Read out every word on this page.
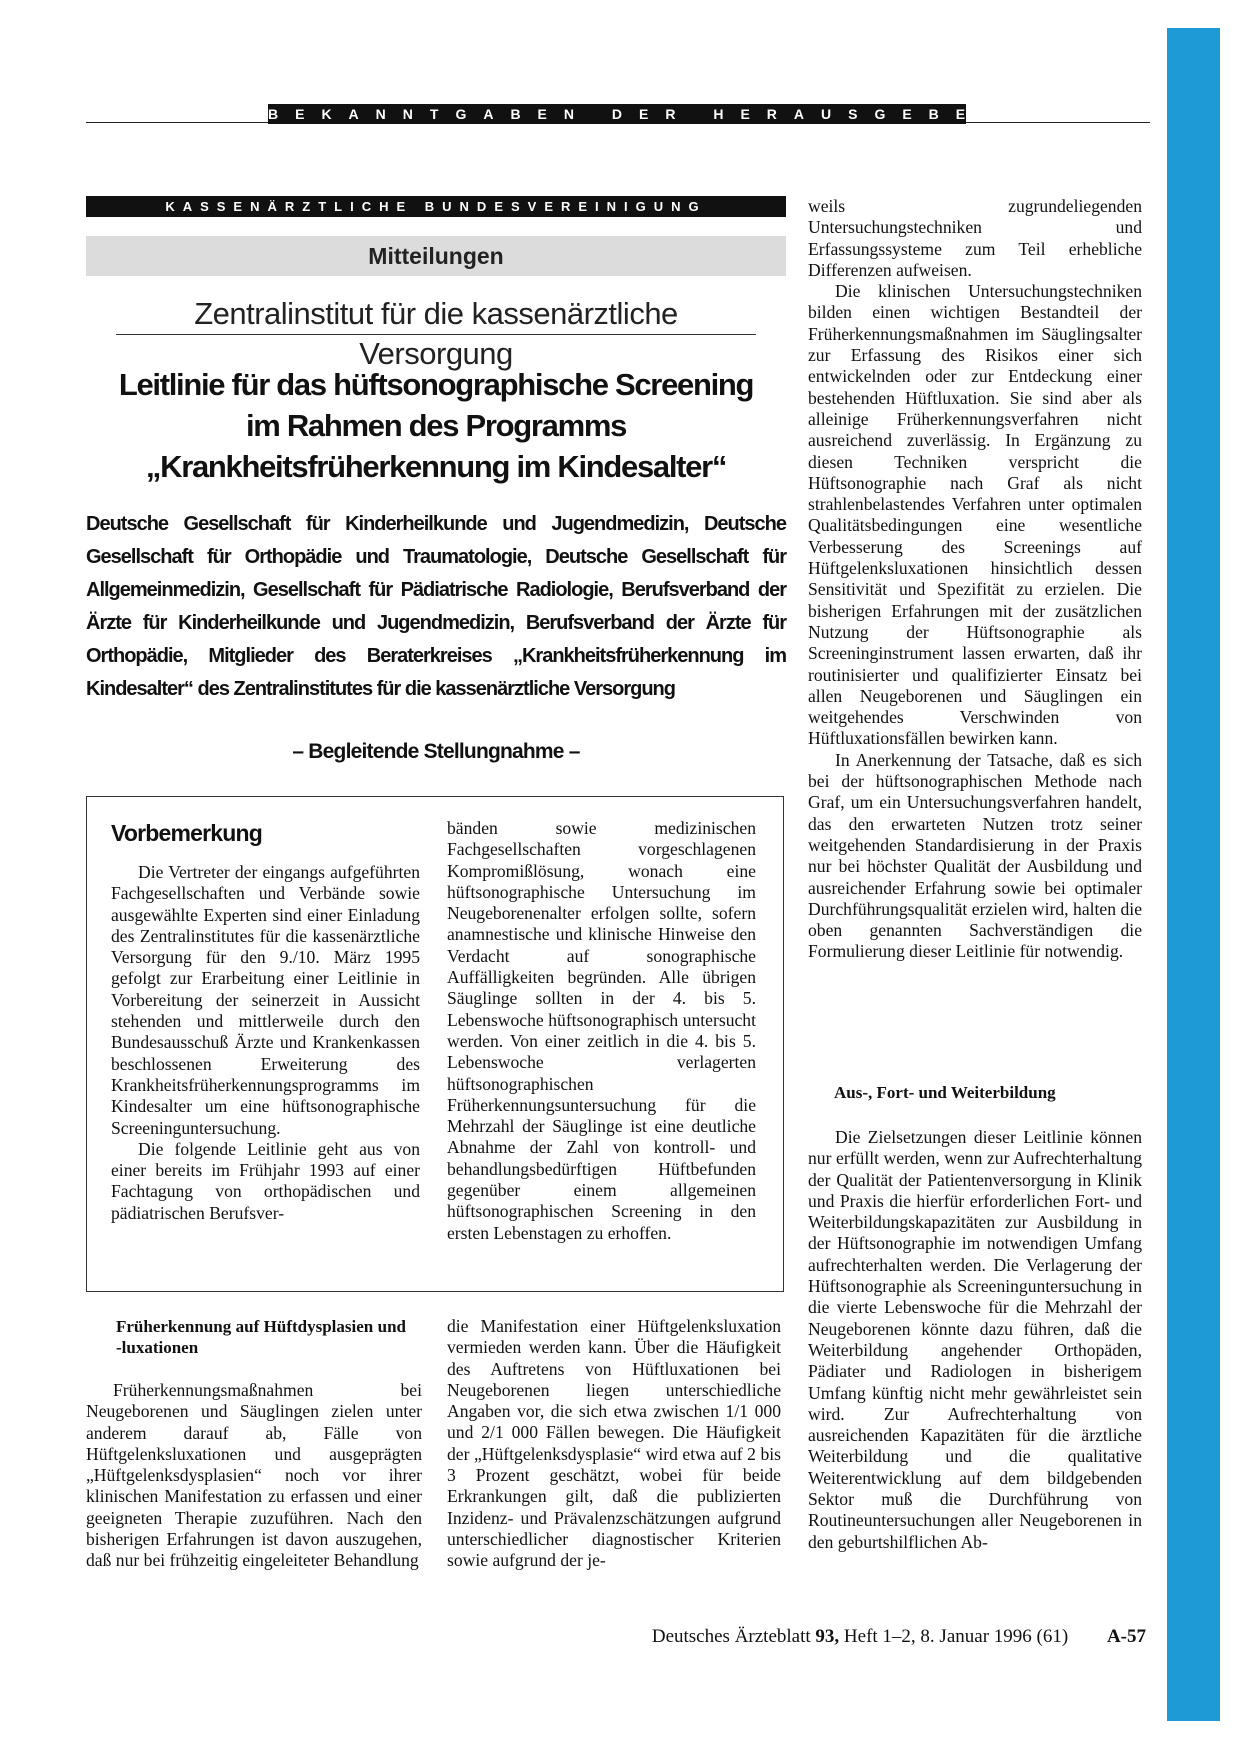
BEKANNTGABEN DER HERAUSGEBER
KASSENÄRZTLICHE BUNDESVEREINIGUNG
Mitteilungen
Zentralinstitut für die kassenärztliche Versorgung
Leitlinie für das hüftsonographische Screening
im Rahmen des Programms
„Krankheitsfrüherkennung im Kindesalter“
Deutsche Gesellschaft für Kinderheilkunde und Jugendmedizin, Deutsche Gesellschaft für Orthopädie und Traumatologie, Deutsche Gesellschaft für Allgemeinmedizin, Gesellschaft für Pädiatrische Radiologie, Berufsverband der Ärzte für Kinderheilkunde und Jugendmedizin, Berufsverband der Ärzte für Orthopädie, Mitglieder des Beraterkreises „Krankheitsfrüherkennung im Kindesalter“ des Zentralinstitutes für die kassenärztliche Versorgung
– Begleitende Stellungnahme –
Vorbemerkung

Die Vertreter der eingangs aufgeführten Fachgesellschaften und Verbände sowie ausgewählte Experten sind einer Einladung des Zentralinstitutes für die kassenärztliche Versorgung für den 9./10. März 1995 gefolgt zur Erarbeitung einer Leitlinie in Vorbereitung der seinerzeit in Aussicht stehenden und mittlerweile durch den Bundesausschuß Ärzte und Krankenkassen beschlossenen Erweiterung des Krankheitsfrüherkennungsprogramms im Kindesalter um eine hüftsonographische Screeninguntersuchung.

Die folgende Leitlinie geht aus von einer bereits im Frühjahr 1993 auf einer Fachtagung von orthopädischen und pädiatrischen Berufsver-

bänden sowie medizinischen Fachgesellschaften vorgeschlagenen Kompromißlösung, wonach eine hüftsonographische Untersuchung im Neugeborenenalter erfolgen sollte, sofern anamnestische und klinische Hinweise den Verdacht auf sonographische Auffälligkeiten begründen. Alle übrigen Säuglinge sollten in der 4. bis 5. Lebenswoche hüftsonographisch untersucht werden. Von einer zeitlich in die 4. bis 5. Lebenswoche verlagerten hüftsonographischen Früherkennungsuntersuchung für die Mehrzahl der Säuglinge ist eine deutliche Abnahme der Zahl von kontroll- und behandlungsbedürftigen Hüftbefunden gegenüber einem allgemeinen hüftsonographischen Screening in den ersten Lebenstagen zu erhoffen.

Früherkennung auf Hüftdysplasien und -luxationen

Früherkennungsmaßnahmen bei Neugeborenen und Säuglingen zielen unter anderem darauf ab, Fälle von Hüftgelenksluxationen und ausgeprägten „Hüftgelenksdysplasien“ noch vor ihrer klinischen Manifestation zu erfassen und einer geeigneten Therapie zuzuführen. Nach den bisherigen Erfahrungen ist davon auszugehen, daß nur bei frühzeitig eingeleiteter Behandlung

die Manifestation einer Hüftgelenksluxation vermieden werden kann. Über die Häufigkeit des Auftretens von Hüftluxationen bei Neugeborenen liegen unterschiedliche Angaben vor, die sich etwa zwischen 1/1 000 und 2/1 000 Fällen bewegen. Die Häufigkeit der „Hüftgelenksdysplasie“ wird etwa auf 2 bis 3 Prozent geschätzt, wobei für beide Erkrankungen gilt, daß die publizierten Inzidenz- und Prävalenzschätzungen aufgrund unterschiedlicher diagnostischer Kriterien sowie aufgrund der je-

weils zugrundeliegenden Untersuchungstechniken und Erfassungssysteme zum Teil erhebliche Differenzen aufweisen.

Die klinischen Untersuchungstechniken bilden einen wichtigen Bestandteil der Früherkennungsmaßnahmen im Säuglingsalter zur Erfassung des Risikos einer sich entwickelnden oder zur Entdeckung einer bestehenden Hüftluxation. Sie sind aber als alleinige Früherkennungsverfahren nicht ausreichend zuverlässig. In Ergänzung zu diesen Techniken verspricht die Hüftsonographie nach Graf als nicht strahlenbelastendes Verfahren unter optimalen Qualitätsbedingungen eine wesentliche Verbesserung des Screenings auf Hüftgelenksluxationen hinsichtlich dessen Sensitivität und Spezifität zu erzielen. Die bisherigen Erfahrungen mit der zusätzlichen Nutzung der Hüftsonographie als Screeninginstrument lassen erwarten, daß ihr routinisierter und qualifizierter Einsatz bei allen Neugeborenen und Säuglingen ein weitgehendes Verschwinden von Hüftluxationsfällen bewirken kann.

In Anerkennung der Tatsache, daß es sich bei der hüftsonographischen Methode nach Graf, um ein Untersuchungsverfahren handelt, das den erwarteten Nutzen trotz seiner weitgehenden Standardisierung in der Praxis nur bei höchster Qualität der Ausbildung und ausreichender Erfahrung sowie bei optimaler Durchführungsqualität erzielen wird, halten die oben genannten Sachverständigen die Formulierung dieser Leitlinie für notwendig.

Aus-, Fort- und Weiterbildung

Die Zielsetzungen dieser Leitlinie können nur erfüllt werden, wenn zur Aufrechterhaltung der Qualität der Patientenversorgung in Klinik und Praxis die hierfür erforderlichen Fort- und Weiterbildungskapazitäten zur Ausbildung in der Hüftsonographie im notwendigen Umfang aufrechterhalten werden. Die Verlagerung der Hüftsonographie als Screeninguntersuchung in die vierte Lebenswoche für die Mehrzahl der Neugeborenen könnte dazu führen, daß die Weiterbildung angehender Orthopäden, Pädiater und Radiologen in bisherigem Umfang künftig nicht mehr gewährleistet sein wird. Zur Aufrechterhaltung von ausreichenden Kapazitäten für die ärztliche Weiterbildung und die qualitative Weiterentwicklung auf dem bildgebenden Sektor muß die Durchführung von Routineuntersuchungen aller Neugeborenen in den geburtshilflichen Ab-

Deutsches Ärzteblatt 93, Heft 1–2, 8. Januar 1996 (61) A-57
